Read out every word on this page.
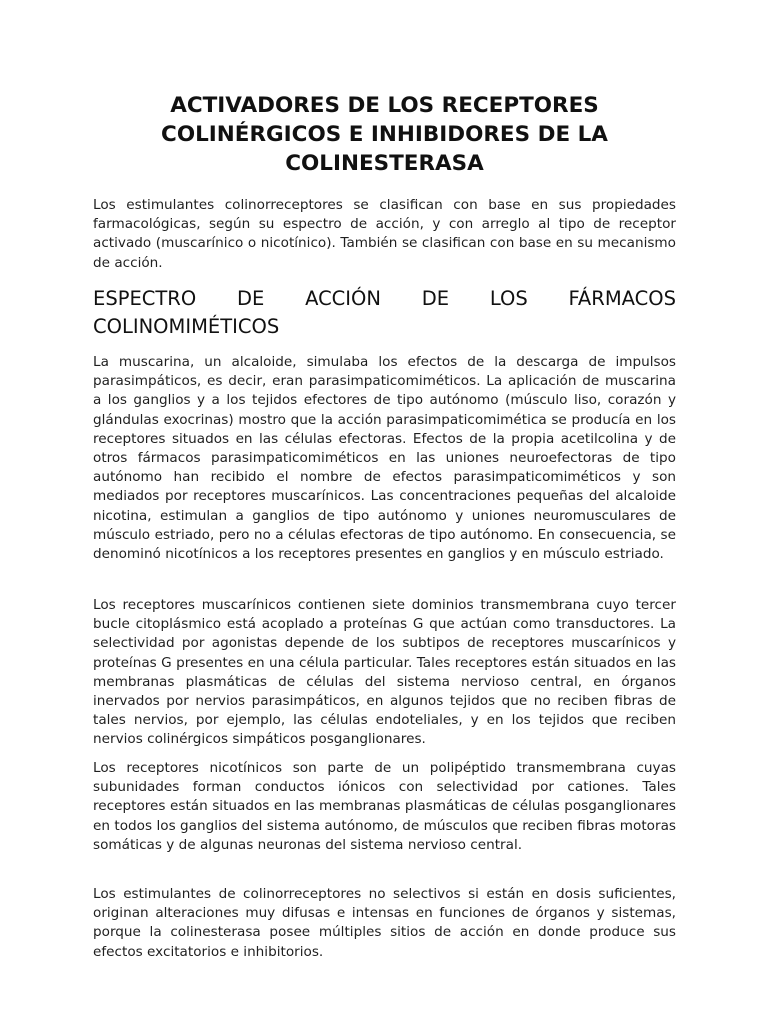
ACTIVADORES DE LOS RECEPTORES COLINÉRGICOS E INHIBIDORES DE LA COLINESTERASA

Los estimulantes colinorreceptores se clasifican con base en sus propiedades farmacológicas, según su espectro de acción, y con arreglo al tipo de receptor activado (muscarínico o nicotínico). También se clasifican con base en su mecanismo de acción.

ESPECTRO DE ACCIÓN DE LOS FÁRMACOS COLINOMIMÉTICOS

La muscarina, un alcaloide, simulaba los efectos de la descarga de impulsos parasimpáticos, es decir, eran parasimpaticomiméticos. La aplicación de muscarina a los ganglios y a los tejidos efectores de tipo autónomo (músculo liso, corazón y glándulas exocrinas) mostro que la acción parasimpaticomimética se producía en los receptores situados en las células efectoras. Efectos de la propia acetilcolina y de otros fármacos parasimpaticomiméticos en las uniones neuroefectoras de tipo autónomo han recibido el nombre de efectos parasimpaticomiméticos y son mediados por receptores muscarínicos. Las concentraciones pequeñas del alcaloide nicotina, estimulan a ganglios de tipo autónomo y uniones neuromusculares de músculo estriado, pero no a células efectoras de tipo autónomo. En consecuencia, se denominó nicotínicos a los receptores presentes en ganglios y en músculo estriado.

Los receptores muscarínicos contienen siete dominios transmembrana cuyo tercer bucle citoplásmico está acoplado a proteínas G que actúan como transductores. La selectividad por agonistas depende de los subtipos de receptores muscarínicos y proteínas G presentes en una célula particular. Tales receptores están situados en las membranas plasmáticas de células del sistema nervioso central, en órganos inervados por nervios parasimpáticos, en algunos tejidos que no reciben fibras de tales nervios, por ejemplo, las células endoteliales, y en los tejidos que reciben nervios colinérgicos simpáticos posganglionares.

Los receptores nicotínicos son parte de un polipéptido transmembrana cuyas subunidades forman conductos iónicos con selectividad por cationes. Tales receptores están situados en las membranas plasmáticas de células posganglionares en todos los ganglios del sistema autónomo, de músculos que reciben fibras motoras somáticas y de algunas neuronas del sistema nervioso central.

Los estimulantes de colinorreceptores no selectivos si están en dosis suficientes, originan alteraciones muy difusas e intensas en funciones de órganos y sistemas, porque la colinesterasa posee múltiples sitios de acción en donde produce sus efectos excitatorios e inhibitorios.
